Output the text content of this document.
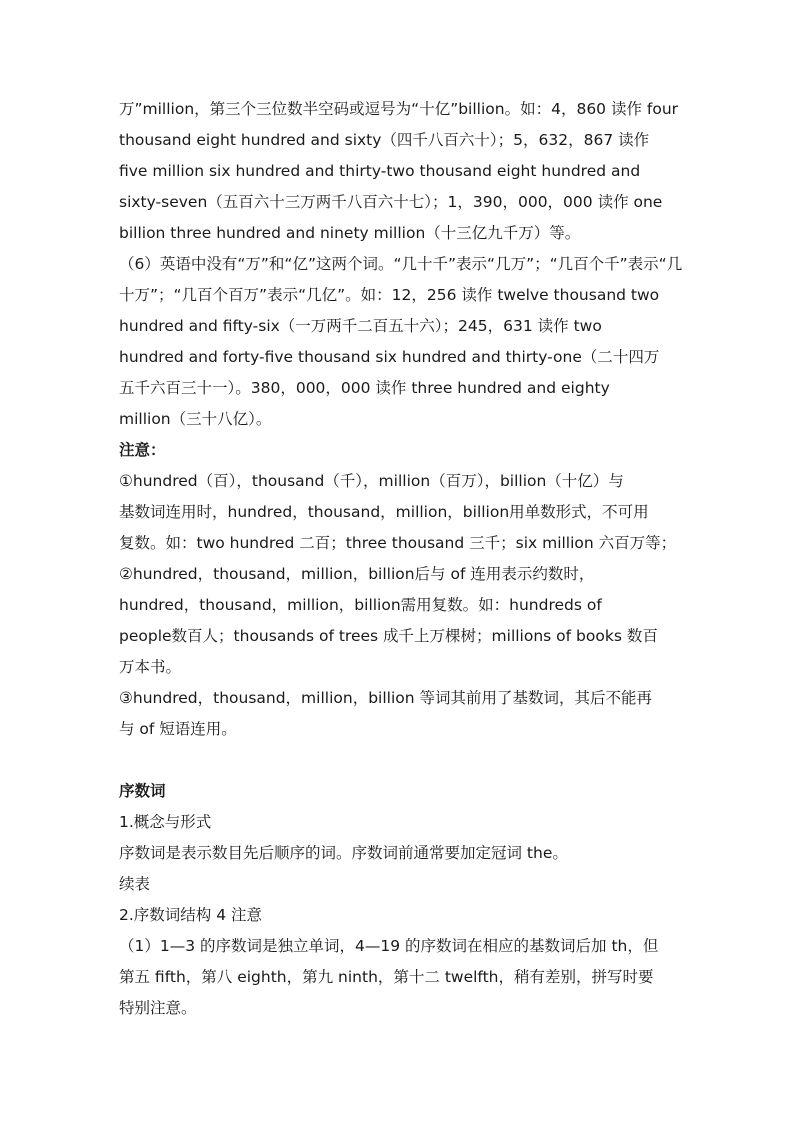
万”million，第三个三位数半空码或逗号为“十亿”billion。如：4，860 读作 four
thousand eight hundred and sixty（四千八百六十）；5，632，867 读作
five million six hundred and thirty-two thousand eight hundred and
sixty-seven（五百六十三万两千八百六十七）；1，390，000，000 读作 one
billion three hundred and ninety million（十三亿九千万）等。
（6）英语中没有“万”和“亿”这两个词。“几十千”表示“几万”；“几百个千”表示“几
十万”；“几百个百万”表示“几亿”。如：12，256 读作 twelve thousand two
hundred and fifty-six（一万两千二百五十六）；245，631 读作 two
hundred and forty-five thousand six hundred and thirty-one（二十四万
五千六百三十一）。380，000，000 读作 three hundred and eighty
million（三十八亿）。
注意：
①hundred（百），thousand（千），million（百万），billion（十亿）与
基数词连用时，hundred，thousand，million，billion用单数形式，不可用
复数。如：two hundred 二百；three thousand 三千；six million 六百万等；
②hundred，thousand，million，billion后与 of 连用表示约数时，
hundred，thousand，million，billion需用复数。如：hundreds of
people数百人；thousands of trees 成千上万棵树；millions of books 数百
万本书。
③hundred，thousand，million，billion 等词其前用了基数词，其后不能再
与 of 短语连用。
序数词
1.概念与形式
序数词是表示数目先后顺序的词。序数词前通常要加定冠词 the。
续表
2.序数词结构 4 注意
（1）1—3 的序数词是独立单词，4—19 的序数词在相应的基数词后加 th，但
第五 fifth，第八 eighth，第九 ninth，第十二 twelfth，稍有差别，拼写时要
特别注意。
